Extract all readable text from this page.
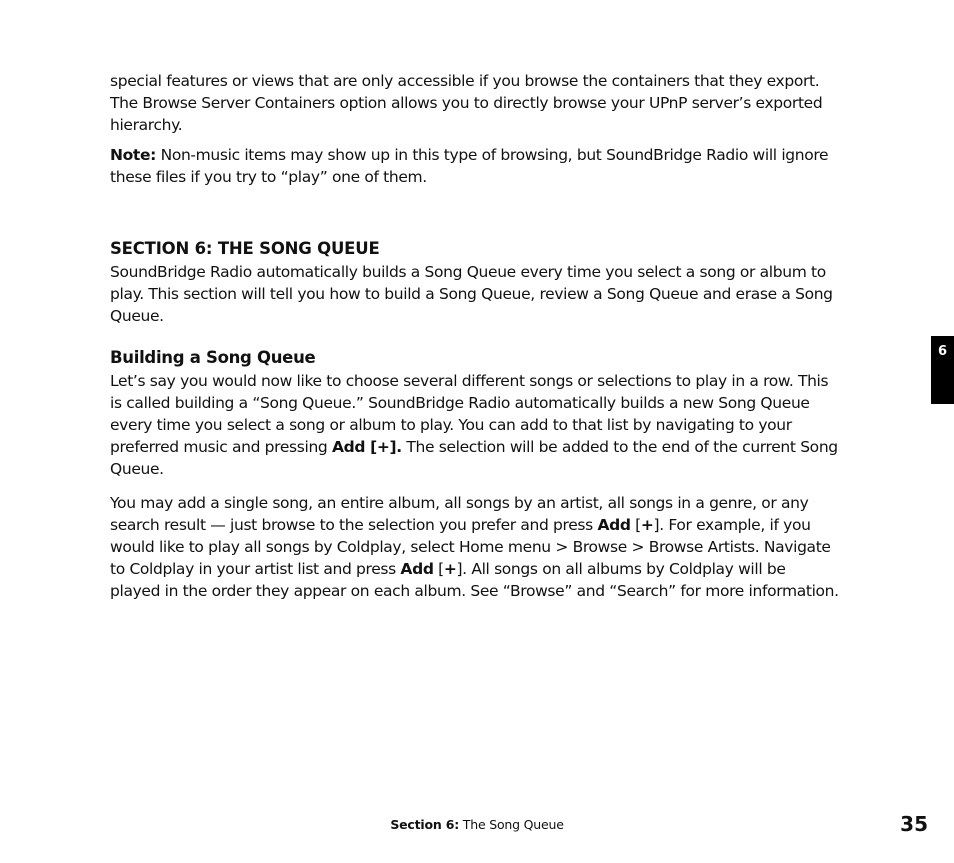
special features or views that are only accessible if you browse the containers that they export. The Browse Server Containers option allows you to directly browse your UPnP server’s exported hierarchy.

Note: Non-music items may show up in this type of browsing, but SoundBridge Radio will ignore these files if you try to “play” one of them.

SECTION 6: THE SONG QUEUE

SoundBridge Radio automatically builds a Song Queue every time you select a song or album to play. This section will tell you how to build a Song Queue, review a Song Queue and erase a Song Queue.

Building a Song Queue

Let’s say you would now like to choose several different songs or selections to play in a row. This is called building a “Song Queue.” SoundBridge Radio automatically builds a new Song Queue every time you select a song or album to play. You can add to that list by navigating to your preferred music and pressing Add [+]. The selection will be added to the end of the current Song Queue.

You may add a single song, an entire album, all songs by an artist, all songs in a genre, or any search result — just browse to the selection you prefer and press Add [+]. For example, if you would like to play all songs by Coldplay, select Home menu > Browse > Browse Artists. Navigate to Coldplay in your artist list and press Add [+]. All songs on all albums by Coldplay will be played in the order they appear on each album. See “Browse” and “Search” for more information.

6
Section 6: The Song Queue	35
